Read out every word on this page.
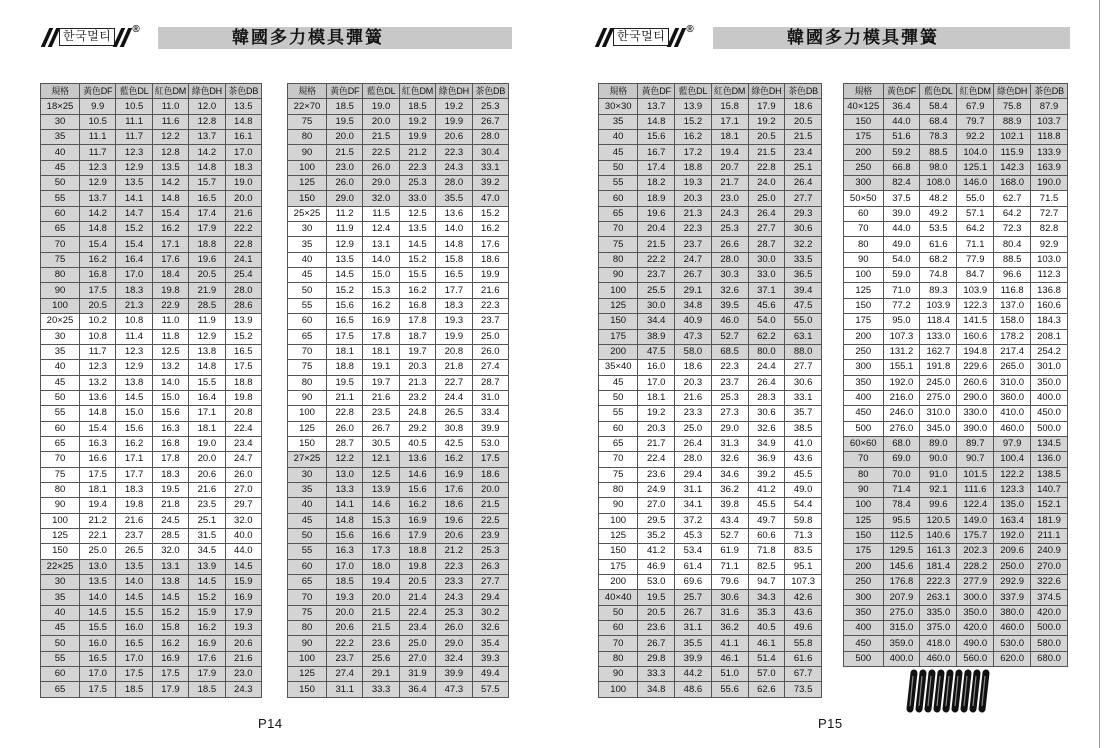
한국멀티	®	韓國多力模具彈簧
規格	黃色DF	藍色DL	紅色DM	綠色DH	茶色DB
18×25	9.9	10.5	11.0	12.0	13.5
30	10.5	11.1	11.6	12.8	14.8
35	11.1	11.7	12.2	13.7	16.1
40	11.7	12.3	12.8	14.2	17.0
45	12.3	12.9	13.5	14.8	18.3
50	12.9	13.5	14.2	15.7	19.0
55	13.7	14.1	14.8	16.5	20.0
60	14.2	14.7	15.4	17.4	21.6
65	14.8	15.2	16.2	17.9	22.2
70	15.4	15.4	17.1	18.8	22.8
75	16.2	16.4	17.6	19.6	24.1
80	16.8	17.0	18.4	20.5	25.4
90	17.5	18.3	19.8	21.9	28.0
100	20.5	21.3	22.9	28.5	28.6
20×25	10.2	10.8	11.0	11.9	13.9
30	10.8	11.4	11.8	12.9	15.2
35	11.7	12.3	12.5	13.8	16.5
40	12.3	12.9	13.2	14.8	17.5
45	13.2	13.8	14.0	15.5	18.8
50	13.6	14.5	15.0	16.4	19.8
55	14.8	15.0	15.6	17.1	20.8
60	15.4	15.6	16.3	18.1	22.4
65	16.3	16.2	16.8	19.0	23.4
70	16.6	17.1	17.8	20.0	24.7
75	17.5	17.7	18.3	20.6	26.0
80	18.1	18.3	19.5	21.6	27.0
90	19.4	19.8	21.8	23.5	29.7
100	21.2	21.6	24.5	25.1	32.0
125	22.1	23.7	28.5	31.5	40.0
150	25.0	26.5	32.0	34.5	44.0
22×25	13.0	13.5	13.1	13.9	14.5
30	13.5	14.0	13.8	14.5	15.9
35	14.0	14.5	14.5	15.2	16.9
40	14.5	15.5	15.2	15.9	17.9
45	15.5	16.0	15.8	16.2	19.3
50	16.0	16.5	16.2	16.9	20.6
55	16.5	17.0	16.9	17.6	21.6
60	17.0	17.5	17.5	17.9	23.0
65	17.5	18.5	17.9	18.5	24.3
規格	黃色DF	藍色DL	紅色DM	綠色DH	茶色DB
22×70	18.5	19.0	18.5	19.2	25.3
75	19.5	20.0	19.2	19.9	26.7
80	20.0	21.5	19.9	20.6	28.0
90	21.5	22.5	21.2	22.3	30.4
100	23.0	26.0	22.3	24.3	33.1
125	26.0	29.0	25.3	28.0	39.2
150	29.0	32.0	33.0	35.5	47.0
25×25	11.2	11.5	12.5	13.6	15.2
30	11.9	12.4	13.5	14.0	16.2
35	12.9	13.1	14.5	14.8	17.6
40	13.5	14.0	15.2	15.8	18.6
45	14.5	15.0	15.5	16.5	19.9
50	15.2	15.3	16.2	17.7	21.6
55	15.6	16.2	16.8	18.3	22.3
60	16.5	16.9	17.8	19.3	23.7
65	17.5	17.8	18.7	19.9	25.0
70	18.1	18.1	19.7	20.8	26.0
75	18.8	19.1	20.3	21.8	27.4
80	19.5	19.7	21.3	22.7	28.7
90	21.1	21.6	23.2	24.4	31.0
100	22.8	23.5	24.8	26.5	33.4
125	26.0	26.7	29.2	30.8	39.9
150	28.7	30.5	40.5	42.5	53.0
27×25	12.2	12.1	13.6	16.2	17.5
30	13.0	12.5	14.6	16.9	18.6
35	13.3	13.9	15.6	17.6	20.0
40	14.1	14.6	16.2	18.6	21.5
45	14.8	15.3	16.9	19.6	22.5
50	15.6	16.6	17.9	20.6	23.9
55	16.3	17.3	18.8	21.2	25.3
60	17.0	18.0	19.8	22.3	26.3
65	18.5	19.4	20.5	23.3	27.7
70	19.3	20.0	21.4	24.3	29.4
75	20.0	21.5	22.4	25.3	30.2
80	20.6	21.5	23.4	26.0	32.6
90	22.2	23.6	25.0	29.0	35.4
100	23.7	25.6	27.0	32.4	39.3
125	27.4	29.1	31.9	39.9	49.4
150	31.1	33.3	36.4	47.3	57.5
P14
한국멀티	®	韓國多力模具彈簧
規格	黃色DF	藍色DL	紅色DM	綠色DH	茶色DB
30×30	13.7	13.9	15.8	17.9	18.6
35	14.8	15.2	17.1	19.2	20.5
40	15.6	16.2	18.1	20.5	21.5
45	16.7	17.2	19.4	21.5	23.4
50	17.4	18.8	20.7	22.8	25.1
55	18.2	19.3	21.7	24.0	26.4
60	18.9	20.3	23.0	25.0	27.7
65	19.6	21.3	24.3	26.4	29.3
70	20.4	22.3	25.3	27.7	30.6
75	21.5	23.7	26.6	28.7	32.2
80	22.2	24.7	28.0	30.0	33.5
90	23.7	26.7	30.3	33.0	36.5
100	25.5	29.1	32.6	37.1	39.4
125	30.0	34.8	39.5	45.6	47.5
150	34.4	40.9	46.0	54.0	55.0
175	38.9	47.3	52.7	62.2	63.1
200	47.5	58.0	68.5	80.0	88.0
35×40	16.0	18.6	22.3	24.4	27.7
45	17.0	20.3	23.7	26.4	30.6
50	18.1	21.6	25.3	28.3	33.1
55	19.2	23.3	27.3	30.6	35.7
60	20.3	25.0	29.0	32.6	38.5
65	21.7	26.4	31.3	34.9	41.0
70	22.4	28.0	32.6	36.9	43.6
75	23.6	29.4	34.6	39.2	45.5
80	24.9	31.1	36.2	41.2	49.0
90	27.0	34.1	39.8	45.5	54.4
100	29.5	37.2	43.4	49.7	59.8
125	35.2	45.3	52.7	60.6	71.3
150	41.2	53.4	61.9	71.8	83.5
175	46.9	61.4	71.1	82.5	95.1
200	53.0	69.6	79.6	94.7	107.3
40×40	19.5	25.7	30.6	34.3	42.6
50	20.5	26.7	31.6	35.3	43.6
60	23.6	31.1	36.2	40.5	49.6
70	26.7	35.5	41.1	46.1	55.8
80	29.8	39.9	46.1	51.4	61.6
90	33.3	44.2	51.0	57.0	67.7
100	34.8	48.6	55.6	62.6	73.5
規格	黃色DF	藍色DL	紅色DM	綠色DH	茶色DB
40×125	36.4	58.4	67.9	75.8	87.9
150	44.0	68.4	79.7	88.9	103.7
175	51.6	78.3	92.2	102.1	118.8
200	59.2	88.5	104.0	115.9	133.9
250	66.8	98.0	125.1	142.3	163.9
300	82.4	108.0	146.0	168.0	190.0
50×50	37.5	48.2	55.0	62.7	71.5
60	39.0	49.2	57.1	64.2	72.7
70	44.0	53.5	64.2	72.3	82.8
80	49.0	61.6	71.1	80.4	92.9
90	54.0	68.2	77.9	88.5	103.0
100	59.0	74.8	84.7	96.6	112.3
125	71.0	89.3	103.9	116.8	136.8
150	77.2	103.9	122.3	137.0	160.6
175	95.0	118.4	141.5	158.0	184.3
200	107.3	133.0	160.6	178.2	208.1
250	131.2	162.7	194.8	217.4	254.2
300	155.1	191.8	229.6	265.0	301.0
350	192.0	245.0	260.6	310.0	350.0
400	216.0	275.0	290.0	360.0	400.0
450	246.0	310.0	330.0	410.0	450.0
500	276.0	345.0	390.0	460.0	500.0
60×60	68.0	89.0	89.7	97.9	134.5
70	69.0	90.0	90.7	100.4	136.0
80	70.0	91.0	101.5	122.2	138.5
90	71.4	92.1	111.6	123.3	140.7
100	78.4	99.6	122.4	135.0	152.1
125	95.5	120.5	149.0	163.4	181.9
150	112.5	140.6	175.7	192.0	211.1
175	129.5	161.3	202.3	209.6	240.9
200	145.6	181.4	228.2	250.0	270.0
250	176.8	222.3	277.9	292.9	322.6
300	207.9	263.1	300.0	337.9	374.5
350	275.0	335.0	350.0	380.0	420.0
400	315.0	375.0	420.0	460.0	500.0
450	359.0	418.0	490.0	530.0	580.0
500	400.0	460.0	560.0	620.0	680.0
P15
